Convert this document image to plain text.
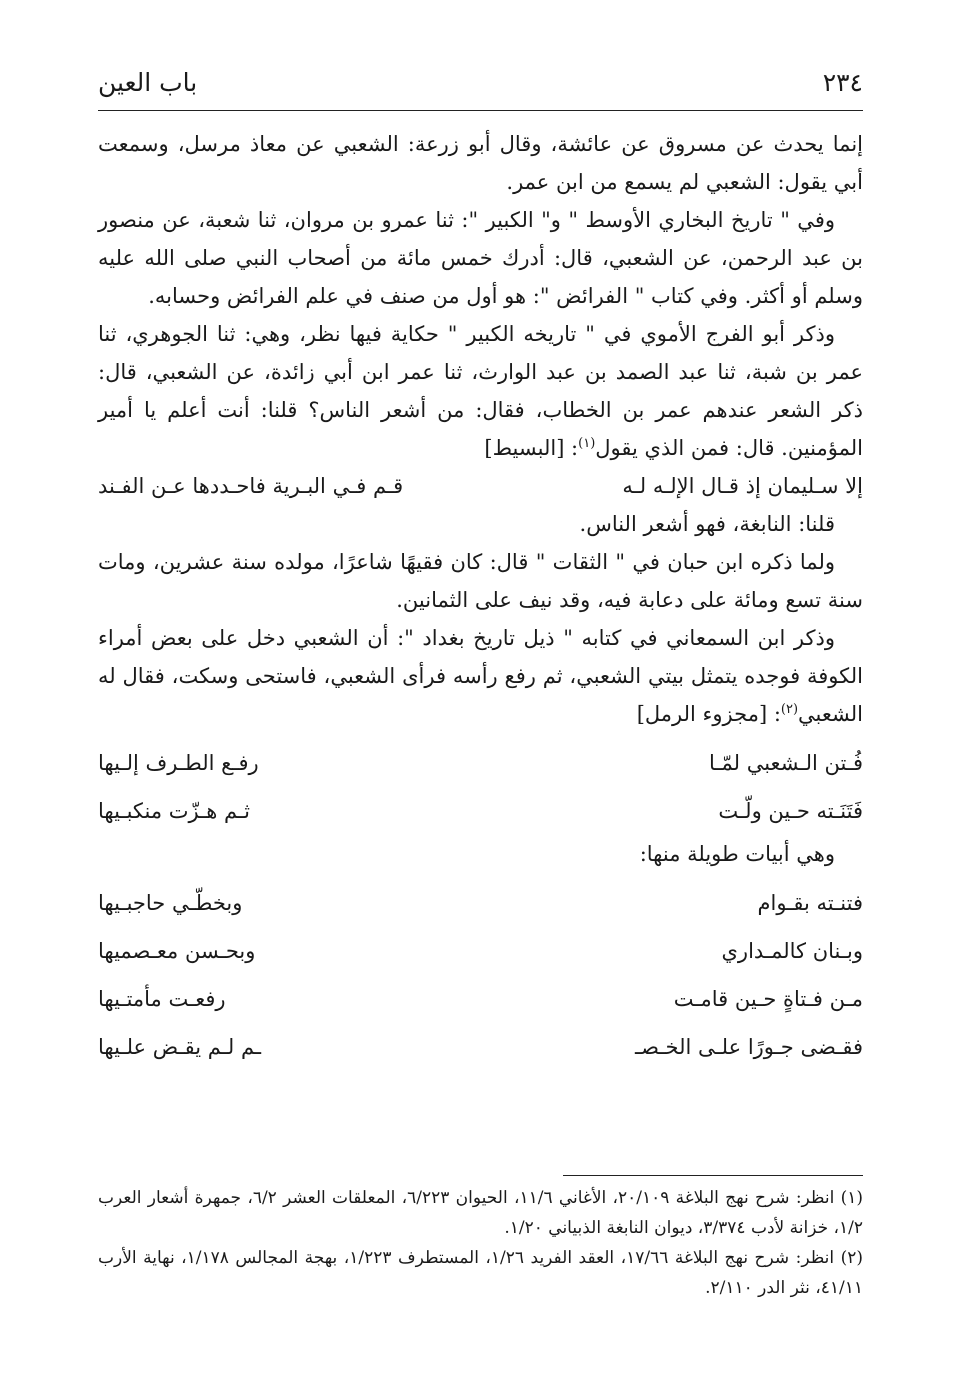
٢٣٤
باب العين

إنما يحدث عن مسروق عن عائشة، وقال أبو زرعة: الشعبي عن معاذ مرسل، وسمعت أبي يقول: الشعبي لم يسمع من ابن عمر.

وفي " تاريخ البخاري الأوسط " و" الكبير ": ثنا عمرو بن مروان، ثنا شعبة، عن منصور بن عبد الرحمن، عن الشعبي، قال: أدرك خمس مائة من أصحاب النبي صلى الله عليه وسلم أو أكثر. وفي كتاب " الفرائض ": هو أول من صنف في علم الفرائض وحسابه.

وذكر أبو الفرج الأموي في " تاريخه الكبير " حكاية فيها نظر، وهي: ثنا الجوهري، ثنا عمر بن شبة، ثنا عبد الصمد بن عبد الوارث، ثنا عمر ابن أبي زائدة، عن الشعبي، قال: ذكر الشعر عندهم عمر بن الخطاب، فقال: من أشعر الناس؟ قلنا: أنت أعلم يا أمير المؤمنين. قال: فمن الذي يقول$^{(١)}$: [البسيط]

إلا سـليمان إذ قـال الإلـه لـه
قـم فـي البـرية فاحـددها عـن الفـند

قلنا: النابغة، فهو أشعر الناس.

ولما ذكره ابن حبان في " الثقات " قال: كان فقيهًا شاعرًا، مولده سنة عشرين، ومات سنة تسع ومائة على دعابة فيه، وقد نيف على الثمانين.

وذكر ابن السمعاني في كتابه " ذيل تاريخ بغداد ": أن الشعبي دخل على بعض أمراء الكوفة فوجده يتمثل بيتي الشعبي، ثم رفع رأسه فرأى الشعبي، فاستحى وسكت، فقال له الشعبي$^{(٢)}$: [مجزوء الرمل]

فُـتن الـشعبي لمّـا
رفـع الطـرف إلـيها
فَتَنَـته حـين ولّـت
ثـم هـزّت منكبـيها

وهي أبيات طويلة منها:

فتنـته بقـوام
وبخطّـي حاجبـيها
وبـنان كالمـداري
وبحـسن معـصميها
مـن فـتاةٍ حـين قامـت
رفعـت مأمتـيها
فقـضى جـورًا علـى الخـصـ
ـم لـم يقـض علـيها

(١) انظر: شرح نهج البلاغة ٢٠/١٠٩، الأغاني ١١/٦، الحيوان ٦/٢٢٣، المعلقات العشر ٦/٢، جمهرة أشعار العرب ١/٢، خزانة لأدب ٣/٣٧٤، ديوان النابغة الذبياني ١/٢٠.

(٢) انظر: شرح نهج البلاغة ١٧/٦٦، العقد الفريد ١/٢٦، المستطرف ١/٢٢٣، بهجة المجالس ١/١٧٨، نهاية الأرب ٤١/١١، نثر الدر ٢/١١٠.
